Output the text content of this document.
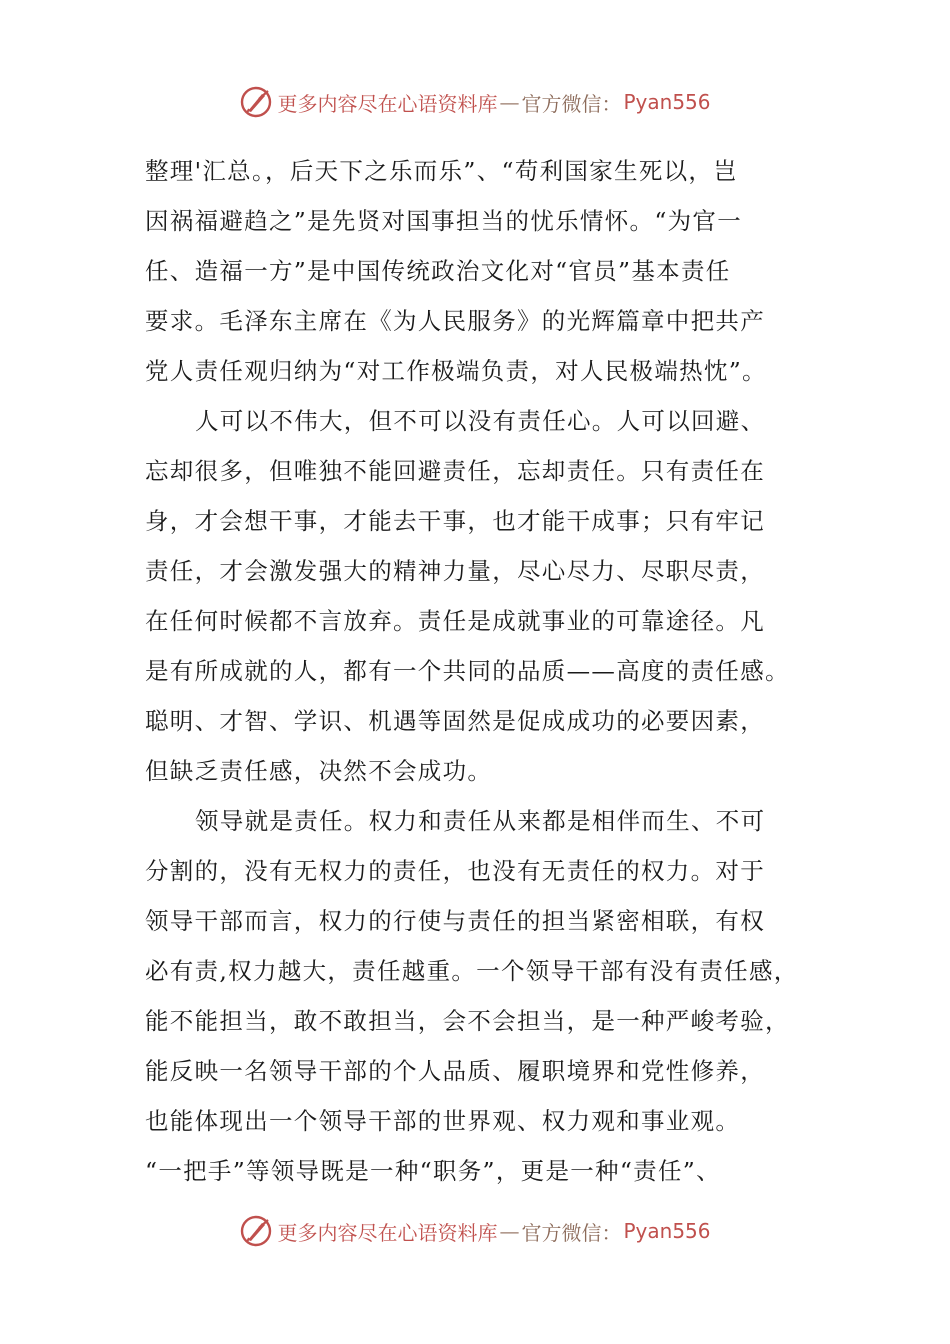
更多内容尽在心语资料库 — 官方微信： Pyan556
整理'汇总。，后天下之乐而乐”、“苟利国家生死以，岂
因祸福避趋之”是先贤对国事担当的忧乐情怀。“为官一
任、造福一方”是中国传统政治文化对“官员”基本责任
要求。毛泽东主席在《为人民服务》的光辉篇章中把共产
党人责任观归纳为“对工作极端负责，对人民极端热忱”。
人可以不伟大，但不可以没有责任心。人可以回避、
忘却很多，但唯独不能回避责任，忘却责任。只有责任在
身，才会想干事，才能去干事，也才能干成事；只有牢记
责任，才会激发强大的精神力量，尽心尽力、尽职尽责，
在任何时候都不言放弃。责任是成就事业的可靠途径。凡
是有所成就的人，都有一个共同的品质——高度的责任感。
聪明、才智、学识、机遇等固然是促成成功的必要因素，
但缺乏责任感，决然不会成功。
领导就是责任。权力和责任从来都是相伴而生、不可
分割的，没有无权力的责任，也没有无责任的权力。对于
领导干部而言，权力的行使与责任的担当紧密相联，有权
必有责,权力越大，责任越重。一个领导干部有没有责任感，
能不能担当，敢不敢担当，会不会担当，是一种严峻考验，
能反映一名领导干部的个人品质、履职境界和党性修养，
也能体现出一个领导干部的世界观、权力观和事业观。
“一把手”等领导既是一种“职务”，更是一种“责任”、
更多内容尽在心语资料库 — 官方微信： Pyan556
